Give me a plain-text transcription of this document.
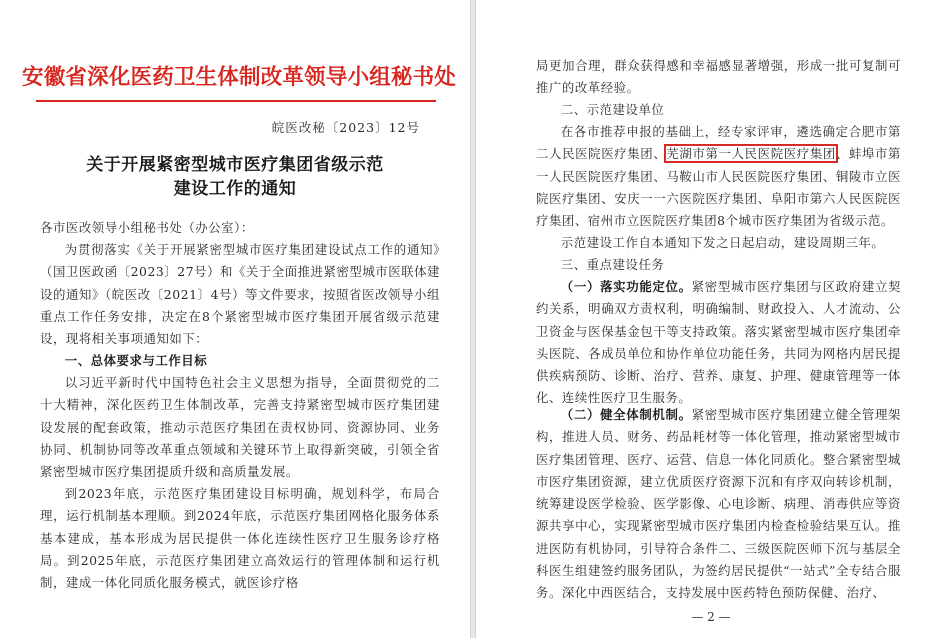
安徽省深化医药卫生体制改革领导小组秘书处
皖医改秘〔2023〕12号
关于开展紧密型城市医疗集团省级示范
建设工作的通知
各市医改领导小组秘书处（办公室）：
为贯彻落实《关于开展紧密型城市医疗集团建设试点工作的通知》（国卫医政函〔2023〕27号）和《关于全面推进紧密型城市医联体建设的通知》（皖医改〔2021〕4号）等文件要求，按照省医改领导小组重点工作任务安排，决定在8个紧密型城市医疗集团开展省级示范建设，现将相关事项通知如下：
一、总体要求与工作目标
以习近平新时代中国特色社会主义思想为指导，全面贯彻党的二十大精神，深化医药卫生体制改革，完善支持紧密型城市医疗集团建设发展的配套政策，推动示范医疗集团在责权协同、资源协同、业务协同、机制协同等改革重点领域和关键环节上取得新突破，引领全省紧密型城市医疗集团提质升级和高质量发展。
到2023年底，示范医疗集团建设目标明确，规划科学，布局合理，运行机制基本理顺。到2024年底，示范医疗集团网格化服务体系基本建成，基本形成为居民提供一体化连续性医疗卫生服务诊疗格局。到2025年底，示范医疗集团建立高效运行的管理体制和运行机制，建成一体化同质化服务模式，就医诊疗格
局更加合理，群众获得感和幸福感显著增强，形成一批可复制可推广的改革经验。
二、示范建设单位
在各市推荐申报的基础上，经专家评审，遴选确定合肥市第二人民医院医疗集团、芜湖市第一人民医院医疗集团、蚌埠市第一人民医院医疗集团、马鞍山市人民医院医疗集团、铜陵市立医院医疗集团、安庆一一六医院医疗集团、阜阳市第六人民医院医疗集团、宿州市立医院医疗集团8个城市医疗集团为省级示范。
示范建设工作自本通知下发之日起启动，建设周期三年。
三、重点建设任务
（一）落实功能定位。紧密型城市医疗集团与区政府建立契约关系，明确双方责权利，明确编制、财政投入、人才流动、公卫资金与医保基金包干等支持政策。落实紧密型城市医疗集团牵头医院、各成员单位和协作单位功能任务，共同为网格内居民提供疾病预防、诊断、治疗、营养、康复、护理、健康管理等一体化、连续性医疗卫生服务。
（二）健全体制机制。紧密型城市医疗集团建立健全管理架构，推进人员、财务、药品耗材等一体化管理，推动紧密型城市医疗集团管理、医疗、运营、信息一体化同质化。整合紧密型城市医疗集团资源，建立优质医疗资源下沉和有序双向转诊机制，统筹建设医学检验、医学影像、心电诊断、病理、消毒供应等资源共享中心，实现紧密型城市医疗集团内检查检验结果互认。推进医防有机协同，引导符合条件二、三级医院医师下沉与基层全科医生组建签约服务团队，为签约居民提供“一站式”全专结合服务。深化中西医结合，支持发展中医药特色预防保健、治疗、
— 2 —
